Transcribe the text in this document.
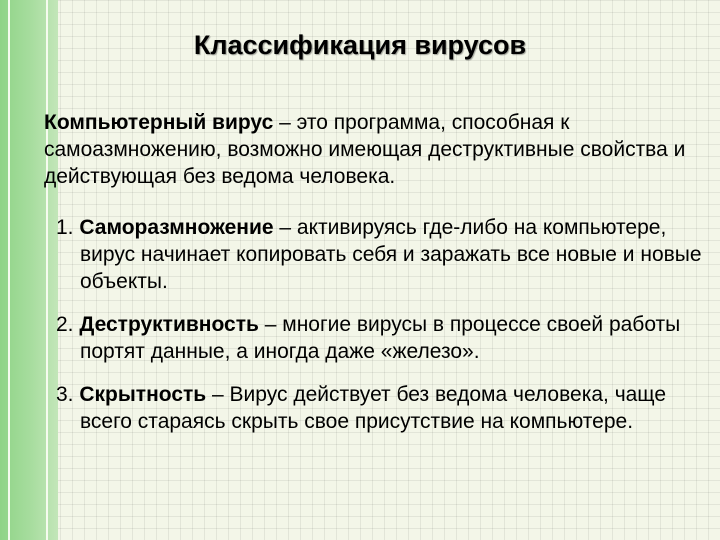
Классификация вирусов
Компьютерный вирус – это программа, способная к самоазмножению, возможно имеющая деструктивные свойства и действующая без ведома человека.
1. Саморазмножение – активируясь где-либо на компьютере, вирус начинает копировать себя и заражать все новые и новые объекты.
2. Деструктивность – многие вирусы в процессе своей работы портят данные, а иногда даже «железо».
3. Скрытность – Вирус действует без ведома человека, чаще всего стараясь скрыть свое присутствие на компьютере.
